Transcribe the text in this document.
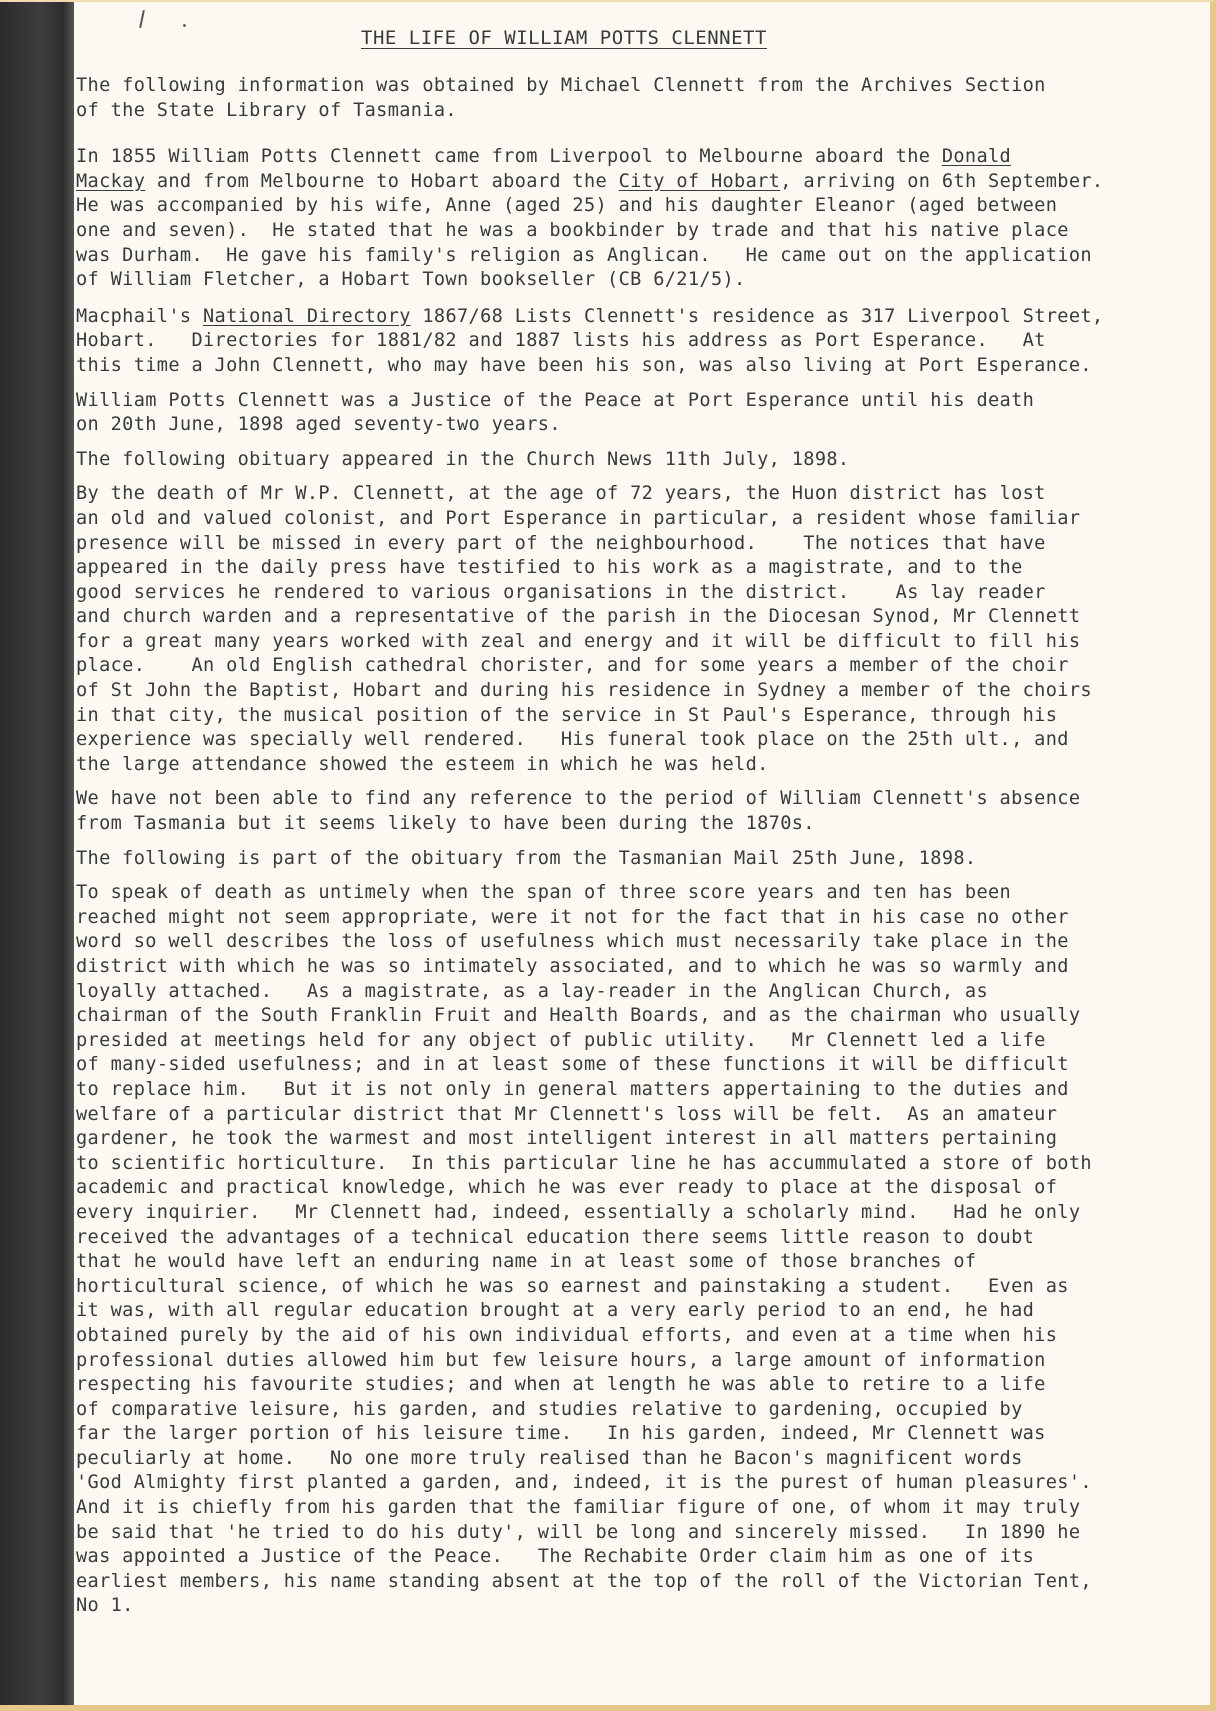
THE LIFE OF WILLIAM POTTS CLENNETT

The following information was obtained by Michael Clennett from the Archives Section

of the State Library of Tasmania.

In 1855 William Potts Clennett came from Liverpool to Melbourne aboard the Donald

Mackay and from Melbourne to Hobart aboard the City of Hobart, arriving on 6th September.

He was accompanied by his wife, Anne (aged 25) and his daughter Eleanor (aged between

one and seven).  He stated that he was a bookbinder by trade and that his native place

was Durham.  He gave his family's religion as Anglican.   He came out on the application

of William Fletcher, a Hobart Town bookseller (CB 6/21/5).

Macphail's National Directory 1867/68 Lists Clennett's residence as 317 Liverpool Street,

Hobart.   Directories for 1881/82 and 1887 lists his address as Port Esperance.   At

this time a John Clennett, who may have been his son, was also living at Port Esperance.

William Potts Clennett was a Justice of the Peace at Port Esperance until his death

on 20th June, 1898 aged seventy-two years.

The following obituary appeared in the Church News 11th July, 1898.

By the death of Mr W.P. Clennett, at the age of 72 years, the Huon district has lost

an old and valued colonist, and Port Esperance in particular, a resident whose familiar

presence will be missed in every part of the neighbourhood.    The notices that have

appeared in the daily press have testified to his work as a magistrate, and to the

good services he rendered to various organisations in the district.    As lay reader

and church warden and a representative of the parish in the Diocesan Synod, Mr Clennett

for a great many years worked with zeal and energy and it will be difficult to fill his

place.    An old English cathedral chorister, and for some years a member of the choir

of St John the Baptist, Hobart and during his residence in Sydney a member of the choirs

in that city, the musical position of the service in St Paul's Esperance, through his

experience was specially well rendered.   His funeral took place on the 25th ult., and

the large attendance showed the esteem in which he was held.

We have not been able to find any reference to the period of William Clennett's absence

from Tasmania but it seems likely to have been during the 1870s.

The following is part of the obituary from the Tasmanian Mail 25th June, 1898.

To speak of death as untimely when the span of three score years and ten has been

reached might not seem appropriate, were it not for the fact that in his case no other

word so well describes the loss of usefulness which must necessarily take place in the

district with which he was so intimately associated, and to which he was so warmly and

loyally attached.   As a magistrate, as a lay-reader in the Anglican Church, as

chairman of the South Franklin Fruit and Health Boards, and as the chairman who usually

presided at meetings held for any object of public utility.   Mr Clennett led a life

of many-sided usefulness; and in at least some of these functions it will be difficult

to replace him.   But it is not only in general matters appertaining to the duties and

welfare of a particular district that Mr Clennett's loss will be felt.  As an amateur

gardener, he took the warmest and most intelligent interest in all matters pertaining

to scientific horticulture.  In this particular line he has accummulated a store of both

academic and practical knowledge, which he was ever ready to place at the disposal of

every inquirier.   Mr Clennett had, indeed, essentially a scholarly mind.   Had he only

received the advantages of a technical education there seems little reason to doubt

that he would have left an enduring name in at least some of those branches of

horticultural science, of which he was so earnest and painstaking a student.   Even as

it was, with all regular education brought at a very early period to an end, he had

obtained purely by the aid of his own individual efforts, and even at a time when his

professional duties allowed him but few leisure hours, a large amount of information

respecting his favourite studies; and when at length he was able to retire to a life

of comparative leisure, his garden, and studies relative to gardening, occupied by

far the larger portion of his leisure time.   In his garden, indeed, Mr Clennett was

peculiarly at home.   No one more truly realised than he Bacon's magnificent words

'God Almighty first planted a garden, and, indeed, it is the purest of human pleasures'.

And it is chiefly from his garden that the familiar figure of one, of whom it may truly

be said that 'he tried to do his duty', will be long and sincerely missed.   In 1890 he

was appointed a Justice of the Peace.   The Rechabite Order claim him as one of its

earliest members, his name standing absent at the top of the roll of the Victorian Tent,

No 1.
